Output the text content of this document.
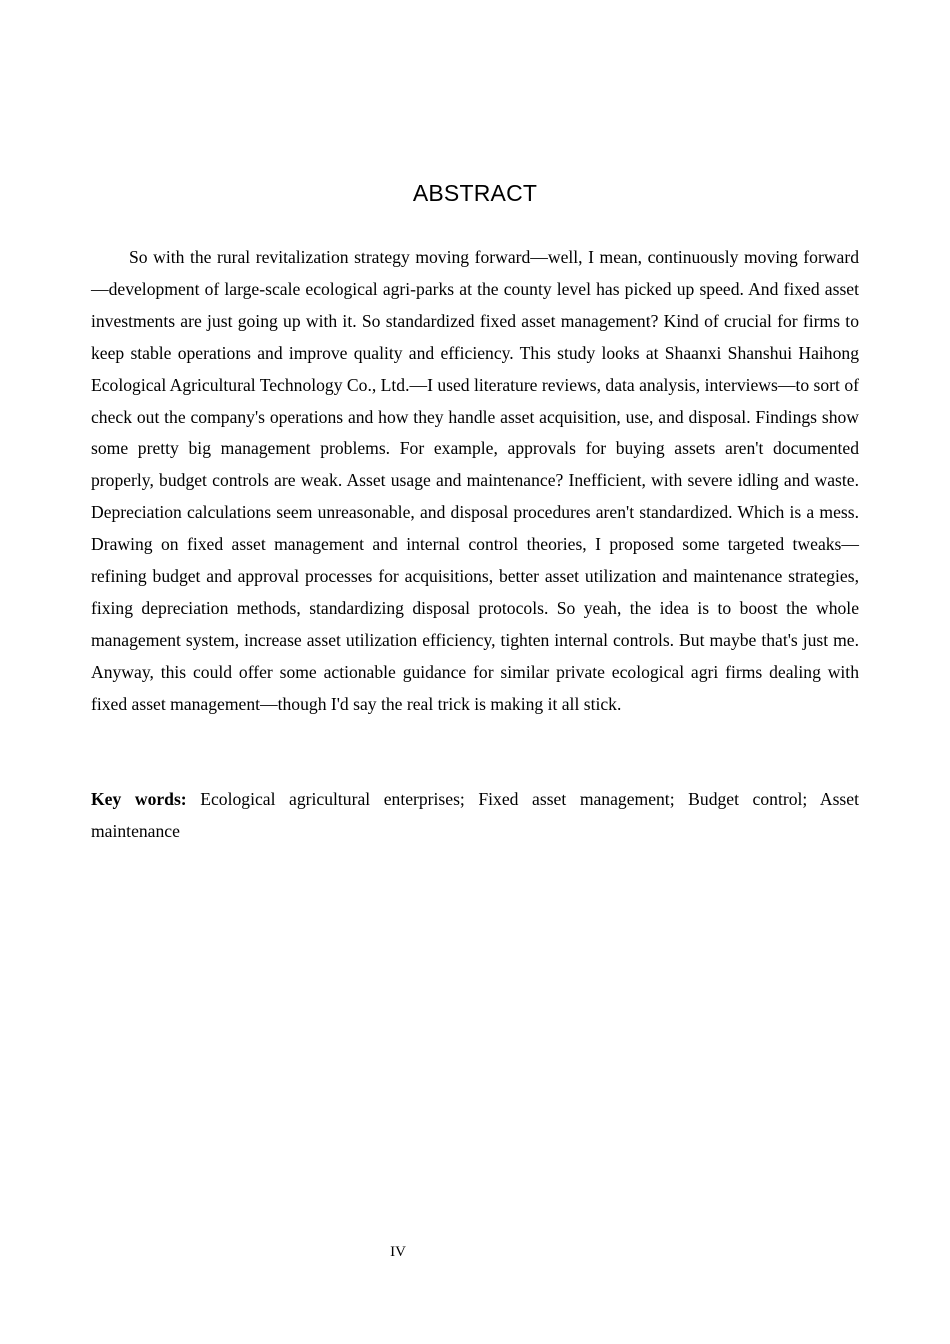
ABSTRACT

So with the rural revitalization strategy moving forward—well, I mean, continuously moving forward—development of large-scale ecological agri-parks at the county level has picked up speed. And fixed asset investments are just going up with it. So standardized fixed asset management? Kind of crucial for firms to keep stable operations and improve quality and efficiency. This study looks at Shaanxi Shanshui Haihong Ecological Agricultural Technology Co., Ltd.—I used literature reviews, data analysis, interviews—to sort of check out the company's operations and how they handle asset acquisition, use, and disposal. Findings show some pretty big management problems. For example, approvals for buying assets aren't documented properly, budget controls are weak. Asset usage and maintenance? Inefficient, with severe idling and waste. Depreciation calculations seem unreasonable, and disposal procedures aren't standardized. Which is a mess. Drawing on fixed asset management and internal control theories, I proposed some targeted tweaks—refining budget and approval processes for acquisitions, better asset utilization and maintenance strategies, fixing depreciation methods, standardizing disposal protocols. So yeah, the idea is to boost the whole management system, increase asset utilization efficiency, tighten internal controls. But maybe that's just me. Anyway, this could offer some actionable guidance for similar private ecological agri firms dealing with fixed asset management—though I'd say the real trick is making it all stick.

Key words: Ecological agricultural enterprises; Fixed asset management; Budget control; Asset maintenance

IV
